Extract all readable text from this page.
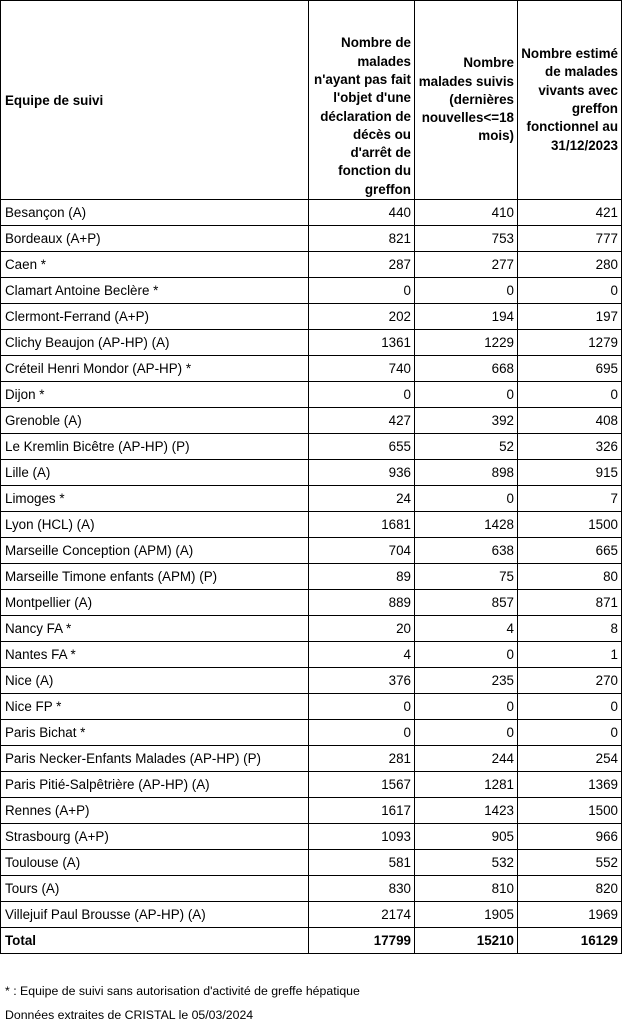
Equipe de suivi	Nombre de malades n'ayant pas fait l'objet d'une déclaration de décès ou d'arrêt de fonction du greffon	Nombre malades suivis (dernières nouvelles<=18 mois)	Nombre estimé de malades vivants avec greffon fonctionnel au 31/12/2023
Besançon (A)	440	410	421
Bordeaux (A+P)	821	753	777
Caen *	287	277	280
Clamart Antoine Beclère *	0	0	0
Clermont-Ferrand (A+P)	202	194	197
Clichy Beaujon (AP-HP) (A)	1361	1229	1279
Créteil Henri Mondor (AP-HP) *	740	668	695
Dijon *	0	0	0
Grenoble (A)	427	392	408
Le Kremlin Bicêtre (AP-HP) (P)	655	52	326
Lille (A)	936	898	915
Limoges *	24	0	7
Lyon (HCL) (A)	1681	1428	1500
Marseille Conception (APM) (A)	704	638	665
Marseille Timone enfants (APM) (P)	89	75	80
Montpellier (A)	889	857	871
Nancy FA *	20	4	8
Nantes FA *	4	0	1
Nice (A)	376	235	270
Nice FP *	0	0	0
Paris Bichat *	0	0	0
Paris Necker-Enfants Malades (AP-HP) (P)	281	244	254
Paris Pitié-Salpêtrière (AP-HP) (A)	1567	1281	1369
Rennes (A+P)	1617	1423	1500
Strasbourg (A+P)	1093	905	966
Toulouse (A)	581	532	552
Tours (A)	830	810	820
Villejuif Paul Brousse (AP-HP) (A)	2174	1905	1969
Total	17799	15210	16129
* : Equipe de suivi sans autorisation d'activité de greffe hépatique
Données extraites de CRISTAL le 05/03/2024
